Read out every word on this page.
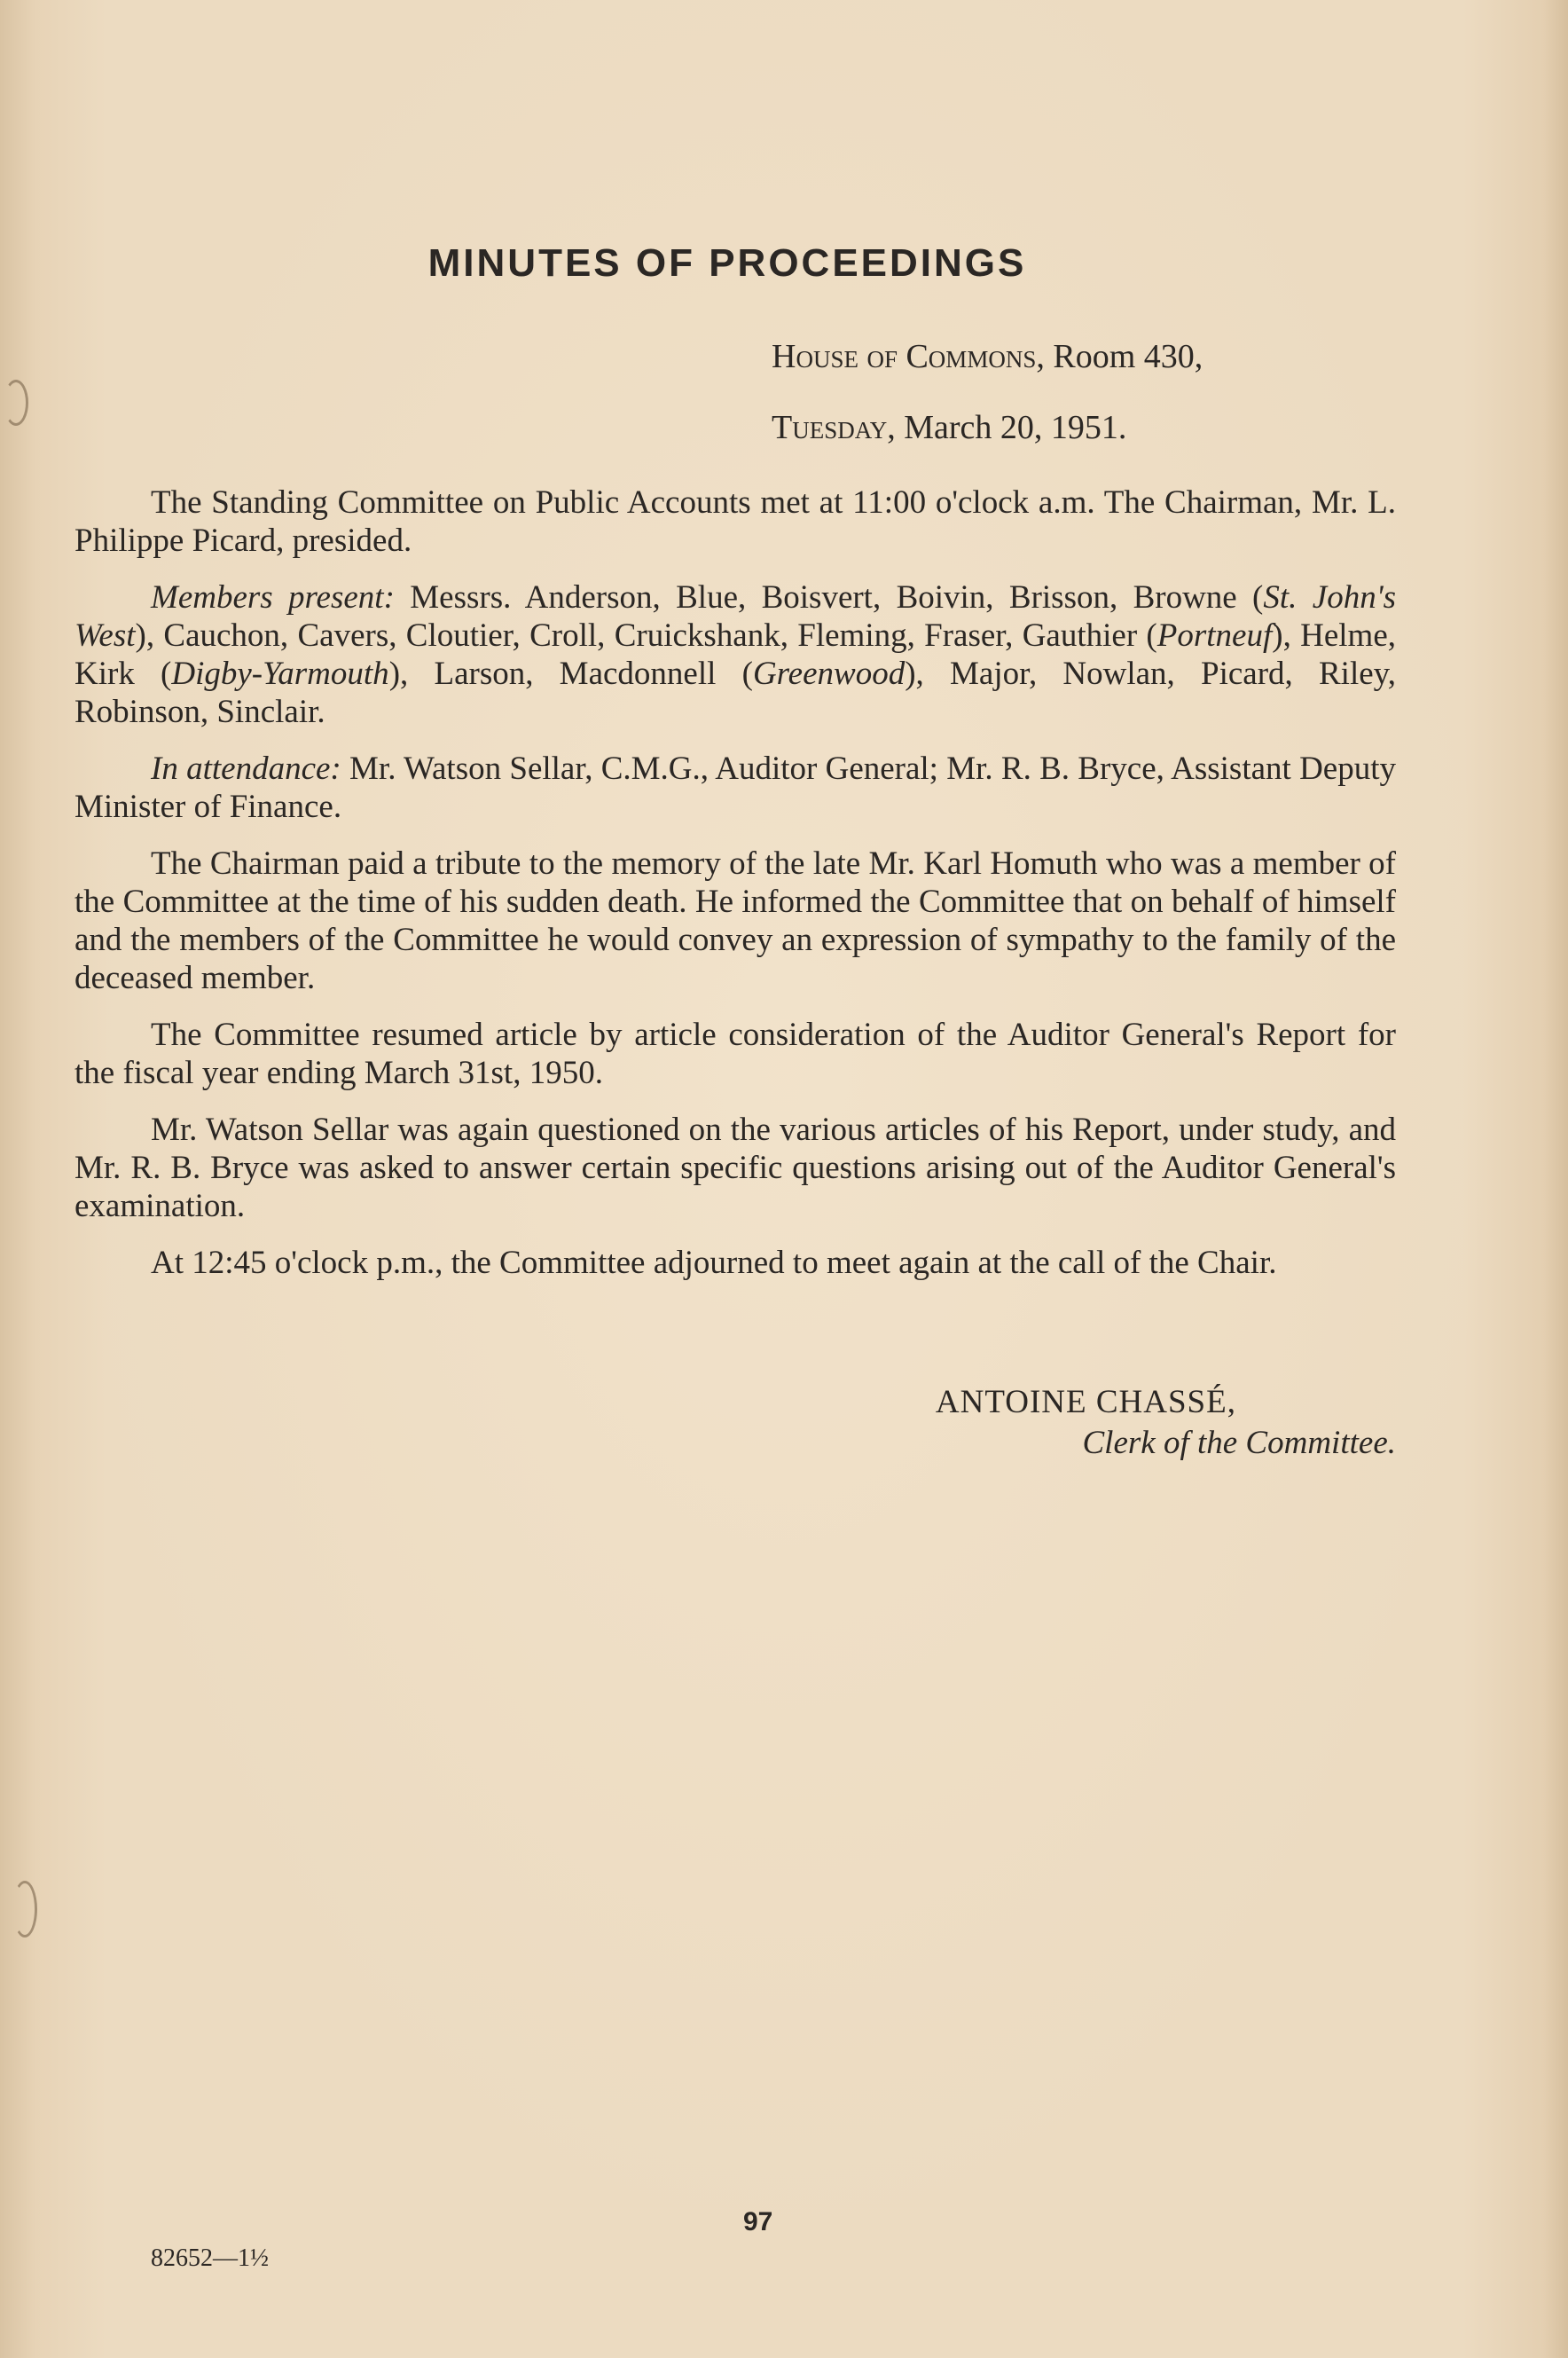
MINUTES OF PROCEEDINGS
House of Commons, Room 430,
Tuesday, March 20, 1951.

The Standing Committee on Public Accounts met at 11:00 o'clock a.m. The Chairman, Mr. L. Philippe Picard, presided.

Members present: Messrs. Anderson, Blue, Boisvert, Boivin, Brisson, Browne (St. John's West), Cauchon, Cavers, Cloutier, Croll, Cruickshank, Fleming, Fraser, Gauthier (Portneuf), Helme, Kirk (Digby-Yarmouth), Larson, Macdonnell (Greenwood), Major, Nowlan, Picard, Riley, Robinson, Sinclair.

In attendance: Mr. Watson Sellar, C.M.G., Auditor General; Mr. R. B. Bryce, Assistant Deputy Minister of Finance.

The Chairman paid a tribute to the memory of the late Mr. Karl Homuth who was a member of the Committee at the time of his sudden death. He informed the Committee that on behalf of himself and the members of the Committee he would convey an expression of sympathy to the family of the deceased member.

The Committee resumed article by article consideration of the Auditor General's Report for the fiscal year ending March 31st, 1950.

Mr. Watson Sellar was again questioned on the various articles of his Report, under study, and Mr. R. B. Bryce was asked to answer certain specific questions arising out of the Auditor General's examination.

At 12:45 o'clock p.m., the Committee adjourned to meet again at the call of the Chair.

ANTOINE CHASSÉ,
Clerk of the Committee.
97
82652—1½
